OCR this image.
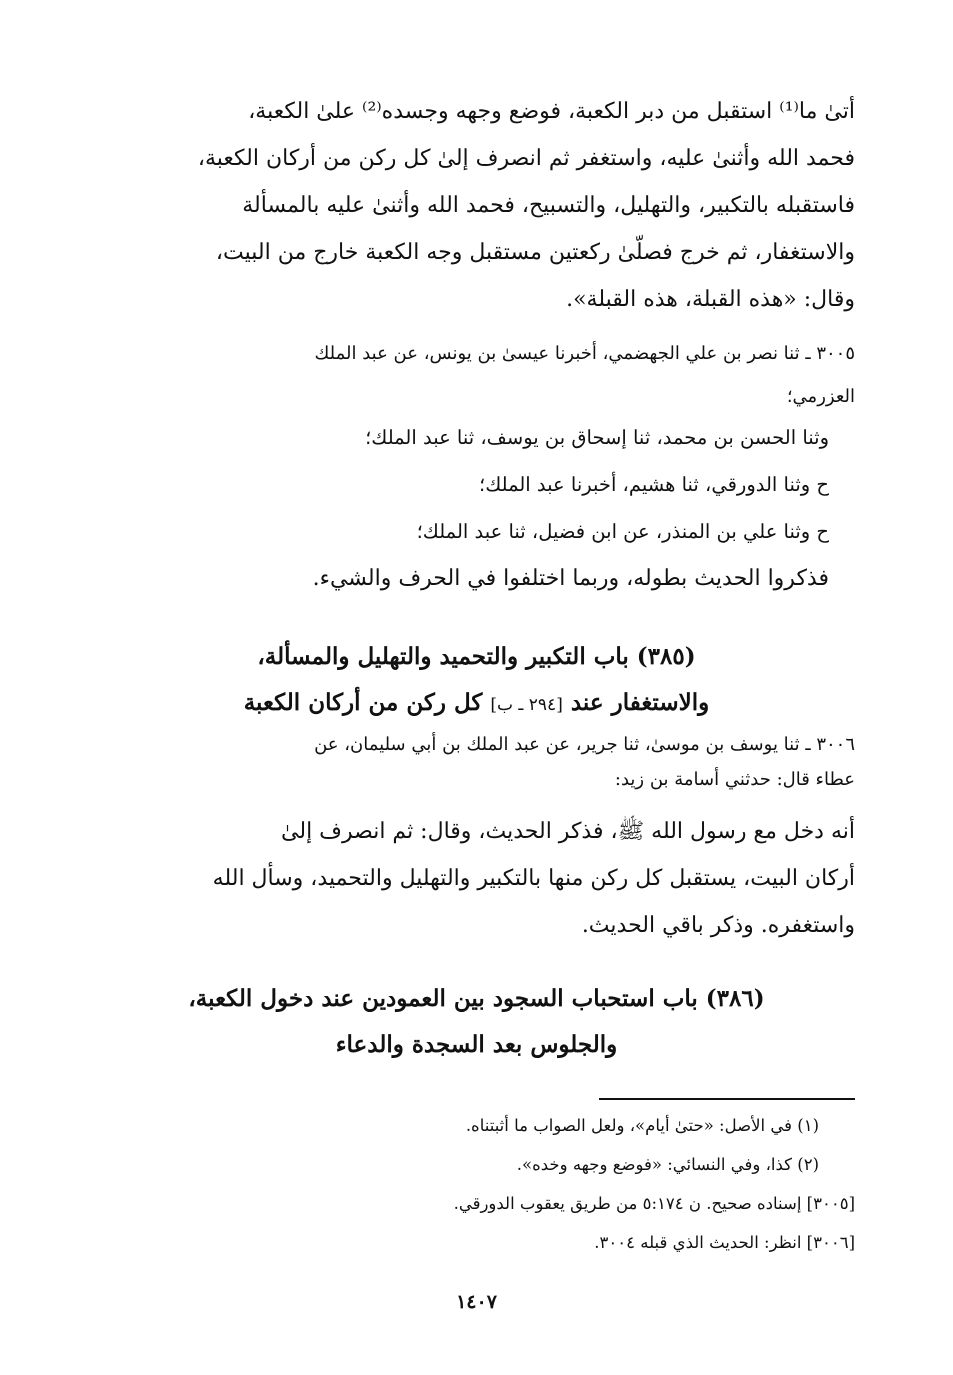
أتىٰ ما⁽¹⁾ استقبل من دبر الكعبة، فوضع وجهه وجسده⁽²⁾ علىٰ الكعبة،
فحمد الله وأثنىٰ عليه، واستغفر ثم انصرف إلىٰ كل ركن من أركان الكعبة،
فاستقبله بالتكبير، والتهليل، والتسبيح، فحمد الله وأثنىٰ عليه بالمسألة
والاستغفار، ثم خرج فصلّىٰ ركعتين مستقبل وجه الكعبة خارج من البيت،
وقال: «هذه القبلة، هذه القبلة».
٣٠٠٥ ـ ثنا نصر بن علي الجهضمي، أخبرنا عيسىٰ بن يونس، عن عبد الملك
العزرمي؛
وثنا الحسن بن محمد، ثنا إسحاق بن يوسف، ثنا عبد الملك؛
ح وثنا الدورقي، ثنا هشيم، أخبرنا عبد الملك؛
ح وثنا علي بن المنذر، عن ابن فضيل، ثنا عبد الملك؛
فذكروا الحديث بطوله، وربما اختلفوا في الحرف والشيء.
(٣٨٥) باب التكبير والتحميد والتهليل والمسألة،
والاستغفار عند [٢٩٤ ـ ب] كل ركن من أركان الكعبة
٣٠٠٦ ـ ثنا يوسف بن موسىٰ، ثنا جرير، عن عبد الملك بن أبي سليمان، عن
عطاء قال: حدثني أسامة بن زيد:
أنه دخل مع رسول الله ﷺ، فذكر الحديث، وقال: ثم انصرف إلىٰ
أركان البيت، يستقبل كل ركن منها بالتكبير والتهليل والتحميد، وسأل الله
واستغفره. وذكر باقي الحديث.
(٣٨٦) باب استحباب السجود بين العمودين عند دخول الكعبة،
والجلوس بعد السجدة والدعاء
(١) في الأصل: «حتىٰ أيام»، ولعل الصواب ما أثبتناه.
(٢) كذا، وفي النسائي: «فوضع وجهه وخده».
[٣٠٠٥] إسناده صحيح. ن ٥:١٧٤ من طريق يعقوب الدورقي.
[٣٠٠٦] انظر: الحديث الذي قبله ٣٠٠٤.
١٤٠٧
